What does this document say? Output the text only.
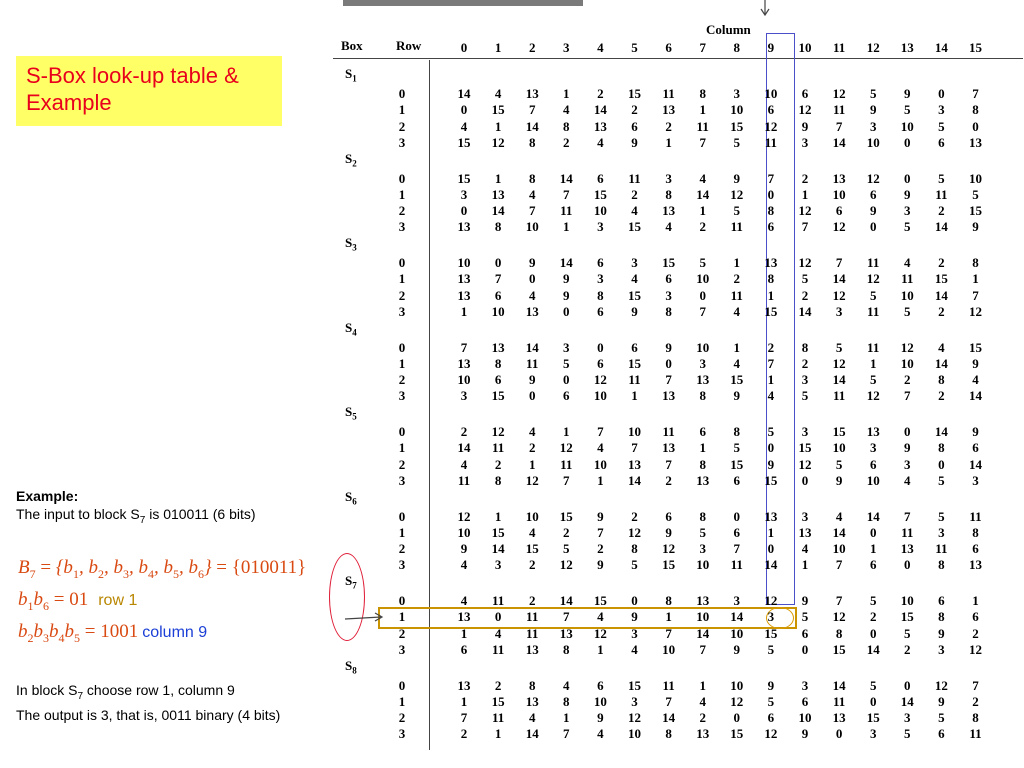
S-Box look-up table &
Example
Example:
The input to block $S_7$ is 010011 (6 bits)
$B_7 = \{b_1$, $b_2$, $b_3$, $b_4$, $b_5$, $b_6\} = \{010011\}$
$b_1b_6 = 01$ row 1
$b_2b_3b_4b_5 = 1001$ column 9
In block $S_7$ choose row 1, column 9
The output is 3, that is, 0011 binary (4 bits)
Column
Box	Row	0 1 2 3 4 5 6 7 8 9 10 11 12 13 14 15
$S_1$
0	14 4 13 1 2 15 11 8 3 10 6 12 5 9 0 7
1	0 15 7 4 14 2 13 1 10 6 12 11 9 5 3 8
2	4 1 14 8 13 6 2 11 15 12 9 7 3 10 5 0
3	15 12 8 2 4 9 1 7 5 11 3 14 10 0 6 13
$S_2$
0	15 1 8 14 6 11 3 4 9 7 2 13 12 0 5 10
1	3 13 4 7 15 2 8 14 12 0 1 10 6 9 11 5
2	0 14 7 11 10 4 13 1 5 8 12 6 9 3 2 15
3	13 8 10 1 3 15 4 2 11 6 7 12 0 5 14 9
$S_3$
0	10 0 9 14 6 3 15 5 1 13 12 7 11 4 2 8
1	13 7 0 9 3 4 6 10 2 8 5 14 12 11 15 1
2	13 6 4 9 8 15 3 0 11 1 2 12 5 10 14 7
3	1 10 13 0 6 9 8 7 4 15 14 3 11 5 2 12
$S_4$
0	7 13 14 3 0 6 9 10 1 2 8 5 11 12 4 15
1	13 8 11 5 6 15 0 3 4 7 2 12 1 10 14 9
2	10 6 9 0 12 11 7 13 15 1 3 14 5 2 8 4
3	3 15 0 6 10 1 13 8 9 4 5 11 12 7 2 14
$S_5$
0	2 12 4 1 7 10 11 6 8 5 3 15 13 0 14 9
1	14 11 2 12 4 7 13 1 5 0 15 10 3 9 8 6
2	4 2 1 11 10 13 7 8 15 9 12 5 6 3 0 14
3	11 8 12 7 1 14 2 13 6 15 0 9 10 4 5 3
$S_6$
0	12 1 10 15 9 2 6 8 0 13 3 4 14 7 5 11
1	10 15 4 2 7 12 9 5 6 1 13 14 0 11 3 8
2	9 14 15 5 2 8 12 3 7 0 4 10 1 13 11 6
3	4 3 2 12 9 5 15 10 11 14 1 7 6 0 8 13
$S_7$
0	4 11 2 14 15 0 8 13 3 12 9 7 5 10 6 1
1	13 0 11 7 4 9 1 10 14 3 5 12 2 15 8 6
2	1 4 11 13 12 3 7 14 10 15 6 8 0 5 9 2
3	6 11 13 8 1 4 10 7 9 5 0 15 14 2 3 12
$S_8$
0	13 2 8 4 6 15 11 1 10 9 3 14 5 0 12 7
1	1 15 13 8 10 3 7 4 12 5 6 11 0 14 9 2
2	7 11 4 1 9 12 14 2 0 6 10 13 15 3 5 8
3	2 1 14 7 4 10 8 13 15 12 9 0 3 5 6 11
